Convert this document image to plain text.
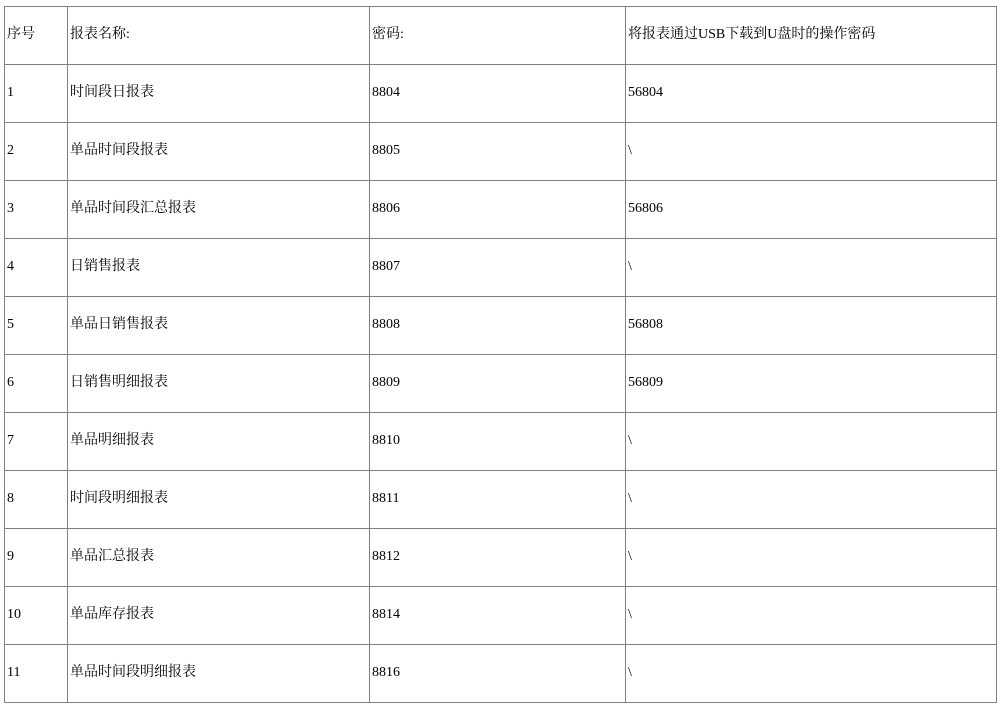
序号	报表名称:	密码:	将报表通过USB下载到U盘时的操作密码
1	时间段日报表	8804	56804
2	单品时间段报表	8805	\
3	单品时间段汇总报表	8806	56806
4	日销售报表	8807	\
5	单品日销售报表	8808	56808
6	日销售明细报表	8809	56809
7	单品明细报表	8810	\
8	时间段明细报表	8811	\
9	单品汇总报表	8812	\
10	单品库存报表	8814	\
11	单品时间段明细报表	8816	\
